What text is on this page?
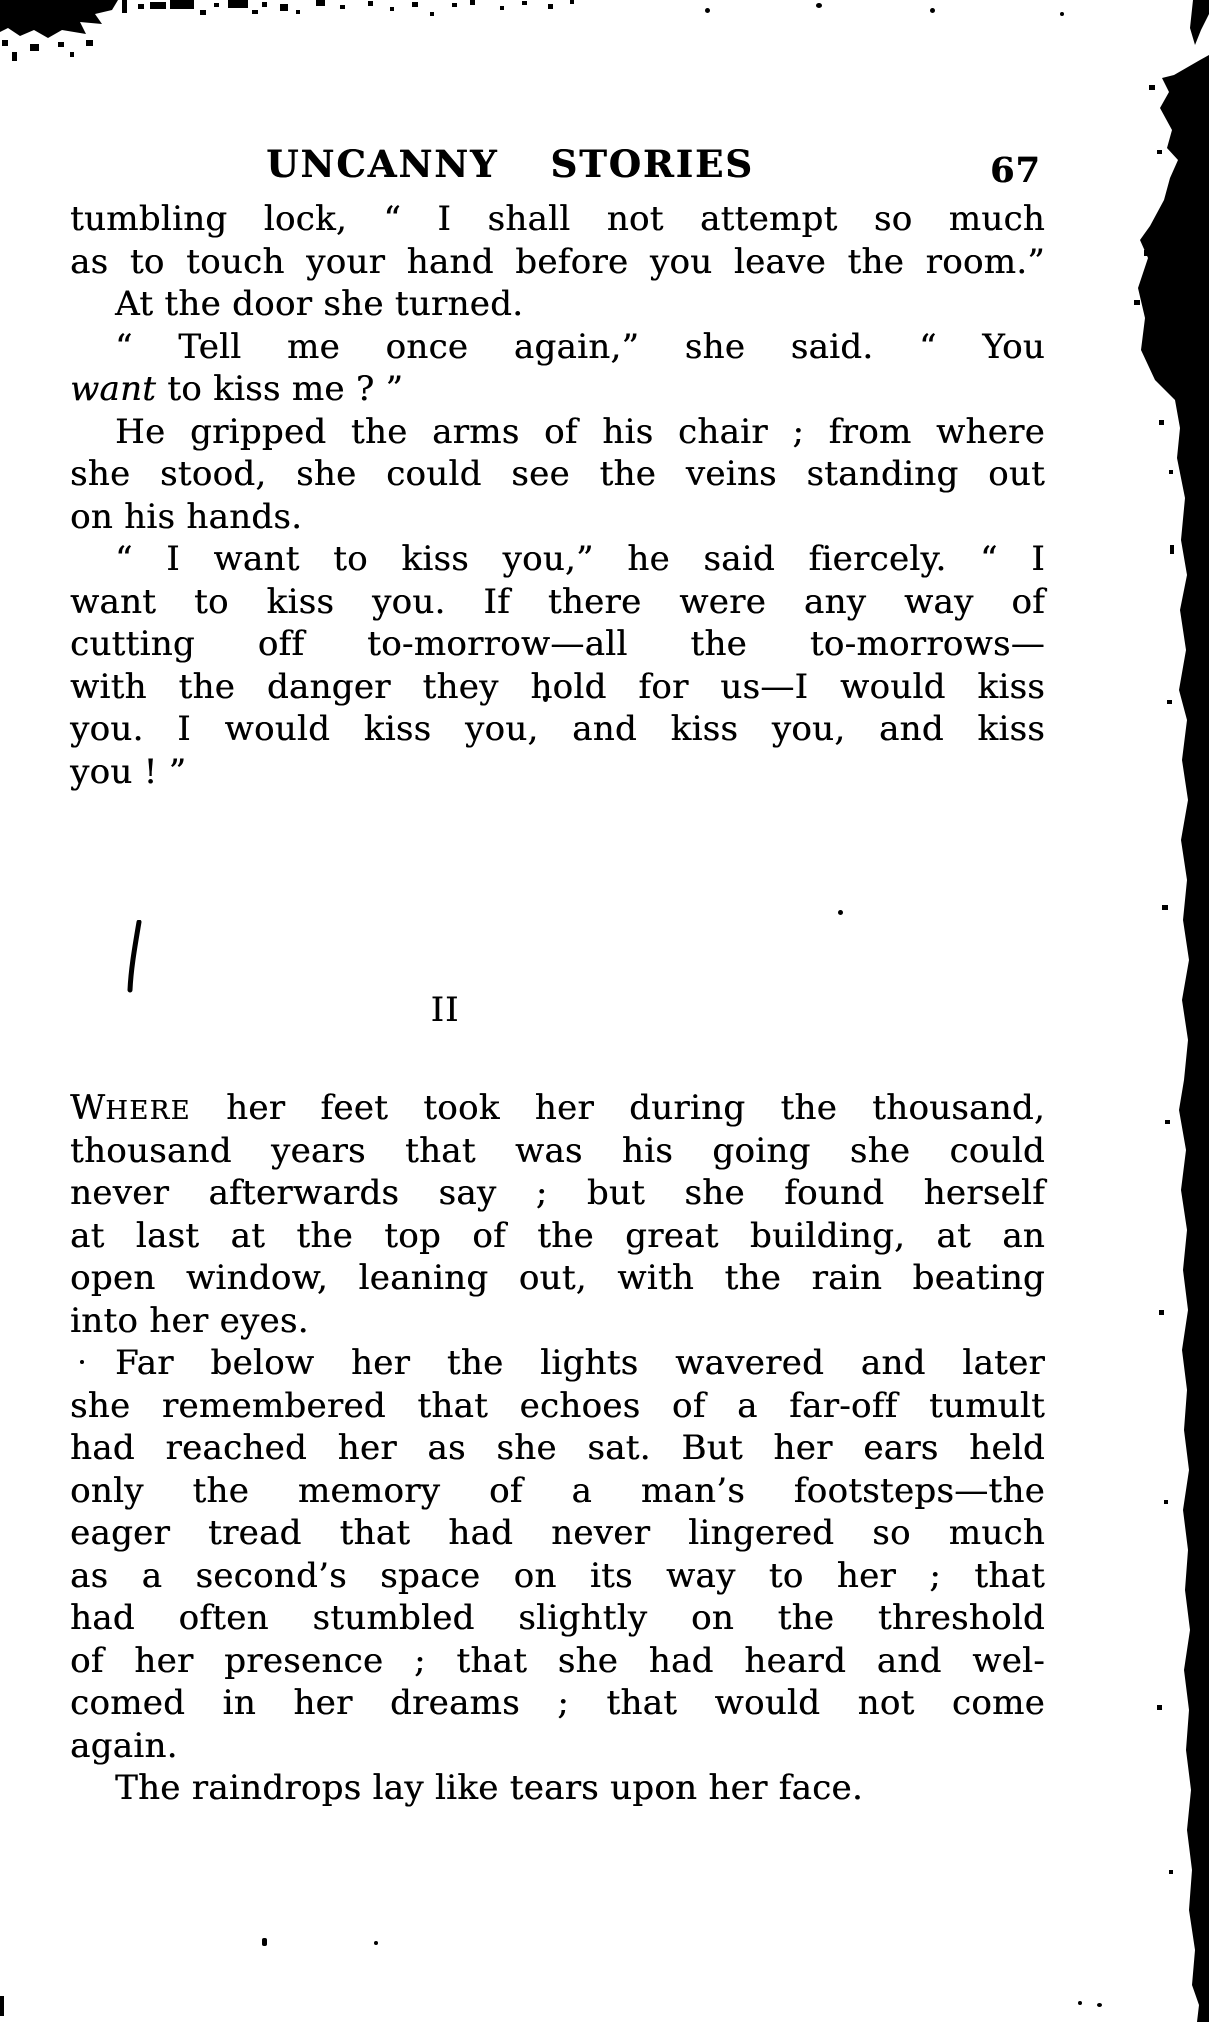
UNCANNY STORIES	67
tumbling lock, “ I shall not attempt so much
as to touch your hand before you leave the room.”
At the door she turned.
“ Tell me once again,” she said. “ You
want to kiss me ? ”
He gripped the arms of his chair ; from where
she stood, she could see the veins standing out
on his hands.
“ I want to kiss you,” he said fiercely. “ I
want to kiss you. If there were any way of
cutting off to-morrow—all the to-morrows—
with the danger they hold for us—I would kiss
you. I would kiss you, and kiss you, and kiss
you ! ”
II
WHERE her feet took her during the thousand,
thousand years that was his going she could
never afterwards say ; but she found herself
at last at the top of the great building, at an
open window, leaning out, with the rain beating
into her eyes.
Far below her the lights wavered and later
she remembered that echoes of a far-off tumult
had reached her as she sat. But her ears held
only the memory of a man’s footsteps—the
eager tread that had never lingered so much
as a second’s space on its way to her ; that
had often stumbled slightly on the threshold
of her presence ; that she had heard and wel-
comed in her dreams ; that would not come
again.
The raindrops lay like tears upon her face.
